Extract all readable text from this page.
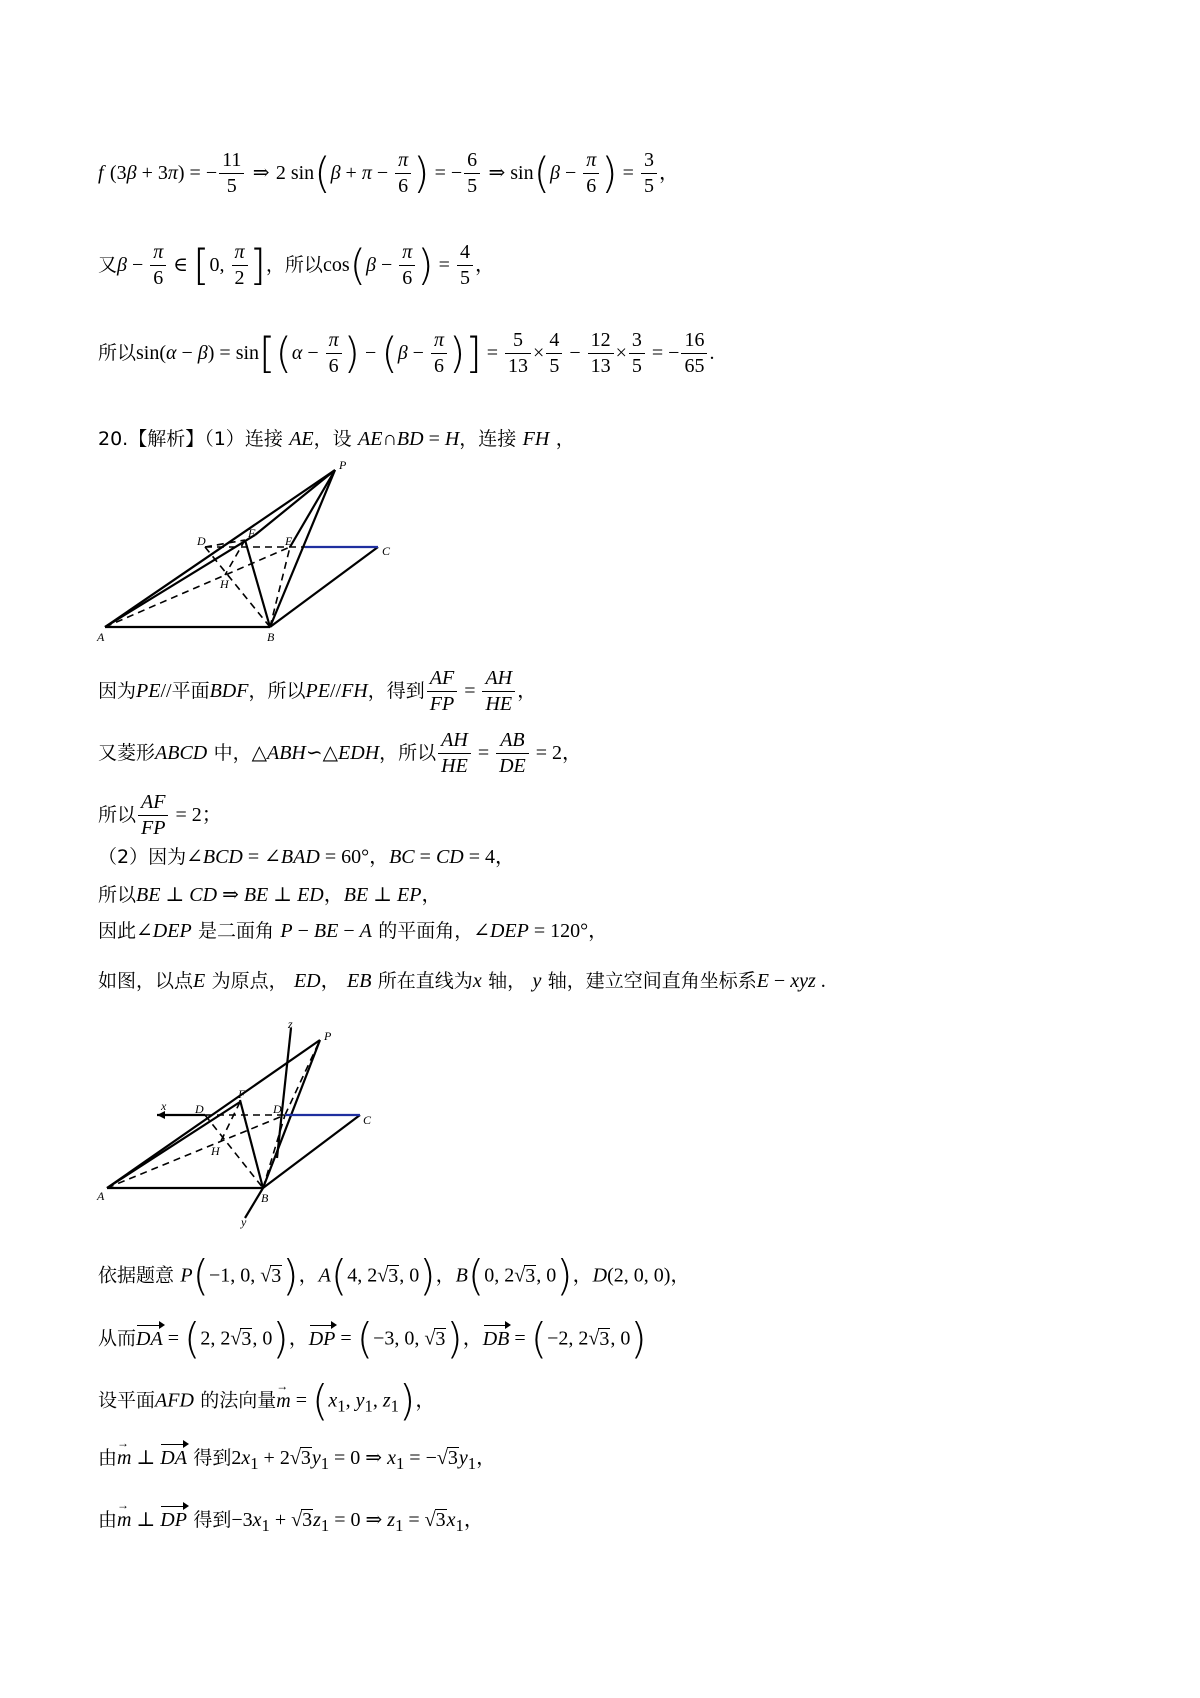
f (3β + 3π) = − $\frac{11}{5}$ ⇒ 2 $\sin(\beta + \pi - \frac{\pi}{6}$ ) = − $\frac{6}{5}$ ⇒ $\sin(\beta - \frac{\pi}{6}$ ) = $\frac{3}{5}$ ，
又$\beta - \frac{\pi}{6}$ ∈ [0, $\frac{\pi}{2}$ ]，所以$\cos(\beta - \frac{\pi}{6}$ ) = $\frac{4}{5}$ ，
所以$\sin(\alpha - \beta) = \sin[(\alpha - \frac{\pi}{6}$ ) − ($\beta - \frac{\pi}{6}$ )] = $\frac{5}{13} \times \frac{4}{5} - \frac{12}{13} \times \frac{3}{5}$ = − $\frac{16}{65}$ .
20.【解析】（1）连接 AE，设 AE∩BD = H，连接 FH ，
P
D
F
E
C
H
A	B
因为PE//平面BDF，所以PE//FH，得到 $\frac{AF}{FP} = \frac{AH}{HE}$ ，
又菱形ABCD 中，△ABH∽△EDH，所以 $\frac{AH}{HE} = \frac{AB}{DE} = 2$，
所以 $\frac{AF}{FP} = 2$；
（2）因为∠BCD = ∠BAD = 60°，BC = CD = 4，
所以BE ⊥ CD ⇒ BE ⊥ ED，BE ⊥ EP，
因此∠DEP 是二面角 P − BE − A 的平面角，∠DEP = 120°，
如图，以点E 为原点， ED， EB 所在直线为x 轴， y 轴，建立空间直角坐标系E − xyz .
z
P
x D
F
D
C
H
A	B
y
依据题意 P(−1, 0, √3)，A(4, 2√3, 0)，B(0, 2√3, 0)，D(2, 0, 0)，
从而DA = (2, 2√3, 0)，DP = (−3, 0, √3)，DB = (−2, 2√3, 0)
设平面AFD 的法向量→ $m = (x_1$, $y_1$, $z_1$)，
由→ m ⊥ DA 得到$2x_1 + 2√3y_1 = 0$ ⇒ $x_1 = -√3y_1$，
由→ m ⊥ DP 得到$-3x_1 + √3z_1 = 0$ ⇒ $z_1 = √3x_1$，
